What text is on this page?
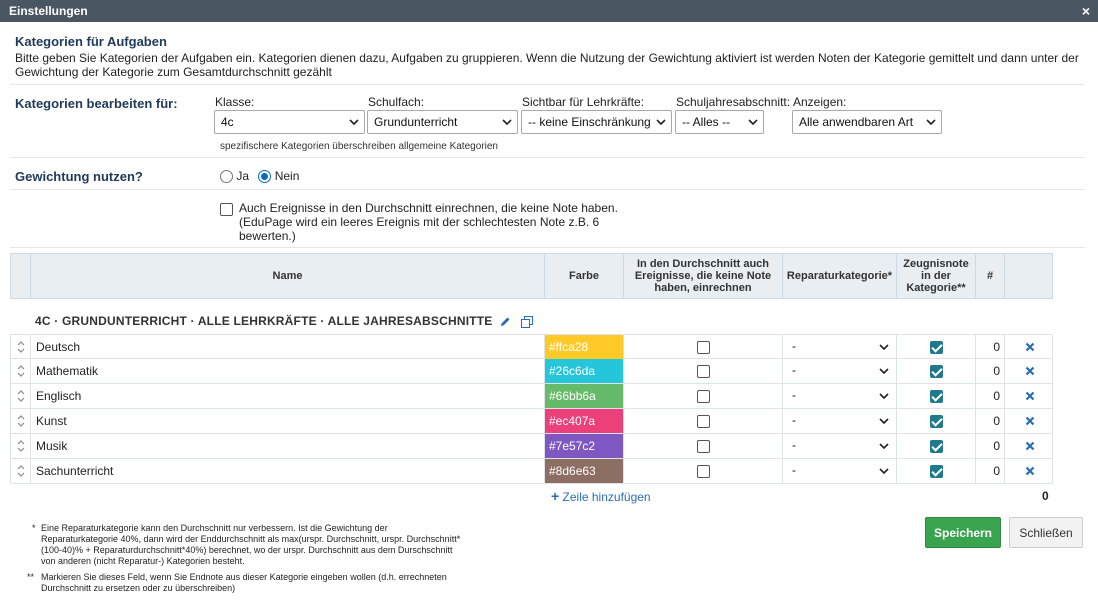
Einstellungen	×
Kategorien für Aufgaben
Bitte geben Sie Kategorien der Aufgaben ein. Kategorien dienen dazu, Aufgaben zu gruppieren. Wenn die Nutzung der Gewichtung aktiviert ist werden Noten der Kategorie gemittelt und dann unter der Gewichtung der Kategorie zum Gesamtdurchschnitt gezählt
Kategorien bearbeiten für:	Klasse:
4c
Schulfach:
Grundunterricht
Sichtbar für Lehrkräfte:
-- keine Einschränkung
Schuljahresabschnitt:
-- Alles --
Anzeigen:
Alle anwendbaren Art
spezifischere Kategorien überschreiben allgemeine Kategorien
Gewichtung nutzen?	Ja Nein
Auch Ereignisse in den Durchschnitt einrechnen, die keine Note haben.
(EduPage wird ein leeres Ereignis mit der schlechtesten Note z.B. 6
bewerten.)
Name	Farbe
In den Durchschnitt auch
Ereignisse, die keine Note
haben, einrechnen
Reparaturkategorie*
Zeugnisnote
in der
Kategorie**
#
4C · GRUNDUNTERRICHT · ALLE LEHRKRÄFTE · ALLE JAHRESABSCHNITTE

Deutsch	#ffca28	-	0
Mathematik	#26c6da	-	0
Englisch	#66bb6a	-	0
Kunst	#ec407a	-	0
Musik	#7e57c2	-	0
Sachunterricht	#8d6e63	-	0
+ Zeile hinzufügen	0
* Eine Reparaturkategorie kann den Durchschnitt nur verbessern. Ist die Gewichtung der
Reparaturkategorie 40%, dann wird der Enddurchschnitt als max(urspr. Durchschnitt, urspr. Durchschnitt*
(100-40)% + Reparaturdurchschnitt*40%) berechnet, wo der urspr. Durchschnitt aus dem Durschschnitt
von anderen (nicht Reparatur-) Kategorien besteht.
** Markieren Sie dieses Feld, wenn Sie Endnote aus dieser Kategorie eingeben wollen (d.h. errechneten
Durchschnitt zu ersetzen oder zu überschreiben)
Speichern	Schließen
